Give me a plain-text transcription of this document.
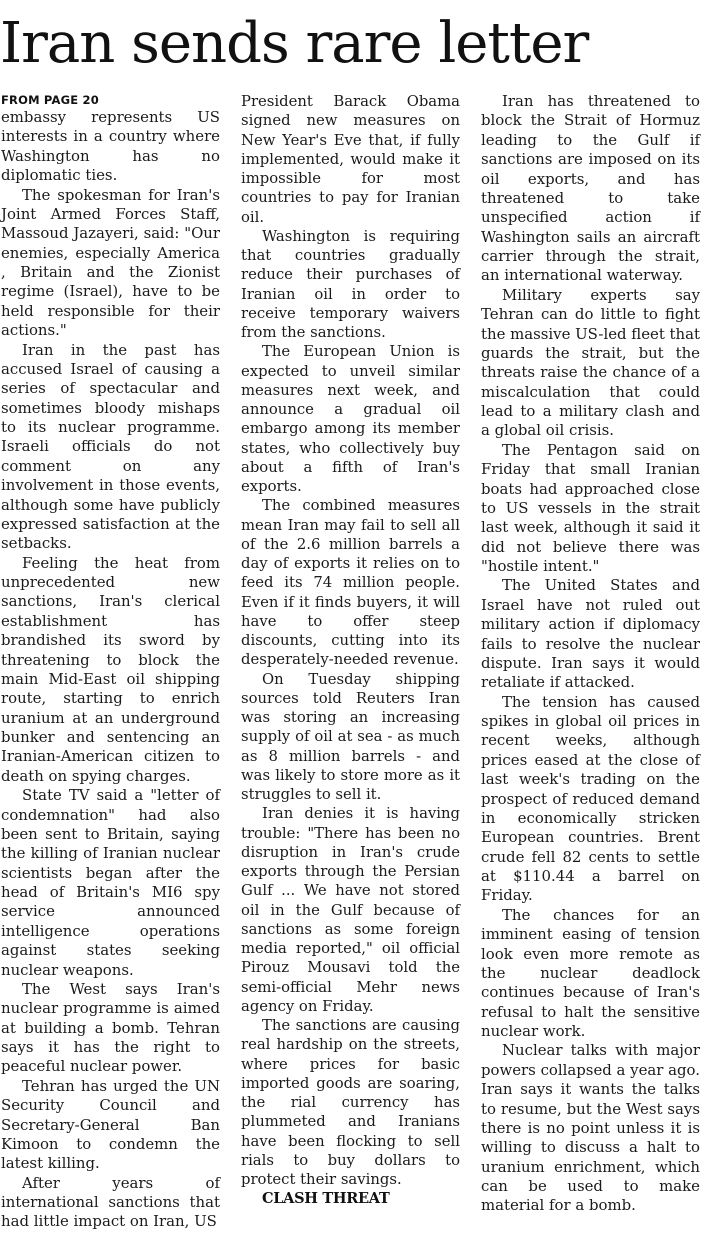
Iran sends rare letter
FROM PAGE 20

embassy represents US interests in a country where Washington has no diplomatic ties.

The spokesman for Iran's Joint Armed Forces Staff, Massoud Jazayeri, said: "Our enemies, especially America , Britain and the Zionist regime (Israel), have to be held responsible for their actions."

Iran in the past has accused Israel of causing a series of spectacular and sometimes bloody mishaps to its nuclear programme. Israeli officials do not comment on any involvement in those events, although some have publicly expressed satisfaction at the setbacks.

Feeling the heat from unprecedented new sanctions, Iran's clerical establishment has brandished its sword by threatening to block the main Mid-East oil shipping route, starting to enrich uranium at an underground bunker and sentencing an Iranian-American citizen to death on spying charges.

State TV said a "letter of condemnation" had also been sent to Britain, saying the killing of Iranian nuclear scientists began after the head of Britain's MI6 spy service announced intelligence operations against states seeking nuclear weapons.

The West says Iran's nuclear programme is aimed at building a bomb. Tehran says it has the right to peaceful nuclear power.

Tehran has urged the UN Security Council and Secretary-General Ban Kimoon to condemn the latest killing.

After years of international sanctions that had little impact on Iran, US

President Barack Obama signed new measures on New Year's Eve that, if fully implemented, would make it impossible for most countries to pay for Iranian oil.

Washington is requiring that countries gradually reduce their purchases of Iranian oil in order to receive temporary waivers from the sanctions.

The European Union is expected to unveil similar measures next week, and announce a gradual oil embargo among its member states, who collectively buy about a fifth of Iran's exports.

The combined measures mean Iran may fail to sell all of the 2.6 million barrels a day of exports it relies on to feed its 74 million people. Even if it finds buyers, it will have to offer steep discounts, cutting into its desperately-needed revenue.

On Tuesday shipping sources told Reuters Iran was storing an increasing supply of oil at sea - as much as 8 million barrels - and was likely to store more as it struggles to sell it.

Iran denies it is having trouble: "There has been no disruption in Iran's crude exports through the Persian Gulf ... We have not stored oil in the Gulf because of sanctions as some foreign media reported," oil official Pirouz Mousavi told the semi-official Mehr news agency on Friday.

The sanctions are causing real hardship on the streets, where prices for basic imported goods are soaring, the rial currency has plummeted and Iranians have been flocking to sell rials to buy dollars to protect their savings.

CLASH THREAT

Iran has threatened to block the Strait of Hormuz leading to the Gulf if sanctions are imposed on its oil exports, and has threatened to take unspecified action if Washington sails an aircraft carrier through the strait, an international waterway.

Military experts say Tehran can do little to fight the massive US-led fleet that guards the strait, but the threats raise the chance of a miscalculation that could lead to a military clash and a global oil crisis.

The Pentagon said on Friday that small Iranian boats had approached close to US vessels in the strait last week, although it said it did not believe there was "hostile intent."

The United States and Israel have not ruled out military action if diplomacy fails to resolve the nuclear dispute. Iran says it would retaliate if attacked.

The tension has caused spikes in global oil prices in recent weeks, although prices eased at the close of last week's trading on the prospect of reduced demand in economically stricken European countries. Brent crude fell 82 cents to settle at $110.44 a barrel on Friday.

The chances for an imminent easing of tension look even more remote as the nuclear deadlock continues because of Iran's refusal to halt the sensitive nuclear work.

Nuclear talks with major powers collapsed a year ago. Iran says it wants the talks to resume, but the West says there is no point unless it is willing to discuss a halt to uranium enrichment, which can be used to make material for a bomb.
